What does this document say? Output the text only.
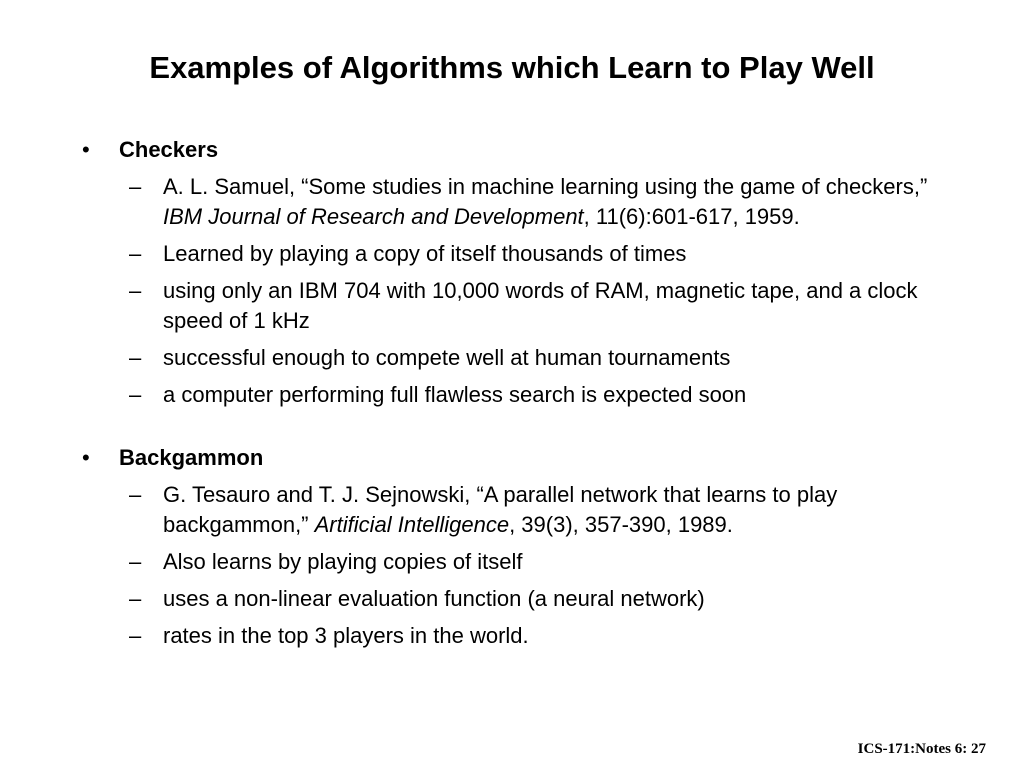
Examples of Algorithms which Learn to Play Well
• Checkers
– A. L. Samuel, “Some studies in machine learning using the game of checkers,” IBM Journal of Research and Development, 11(6):601-617, 1959.
– Learned by playing a copy of itself thousands of times
– using only an IBM 704 with 10,000 words of RAM, magnetic tape, and a clock speed of 1 kHz
– successful enough to compete well at human tournaments
– a computer performing full flawless search is expected soon
• Backgammon
– G. Tesauro and T. J. Sejnowski, “A parallel network that learns to play backgammon,” Artificial Intelligence, 39(3), 357-390, 1989.
– Also learns by playing copies of itself
– uses a non-linear evaluation function (a neural network)
– rates in the top 3 players in the world.
ICS-171:Notes 6: 27
